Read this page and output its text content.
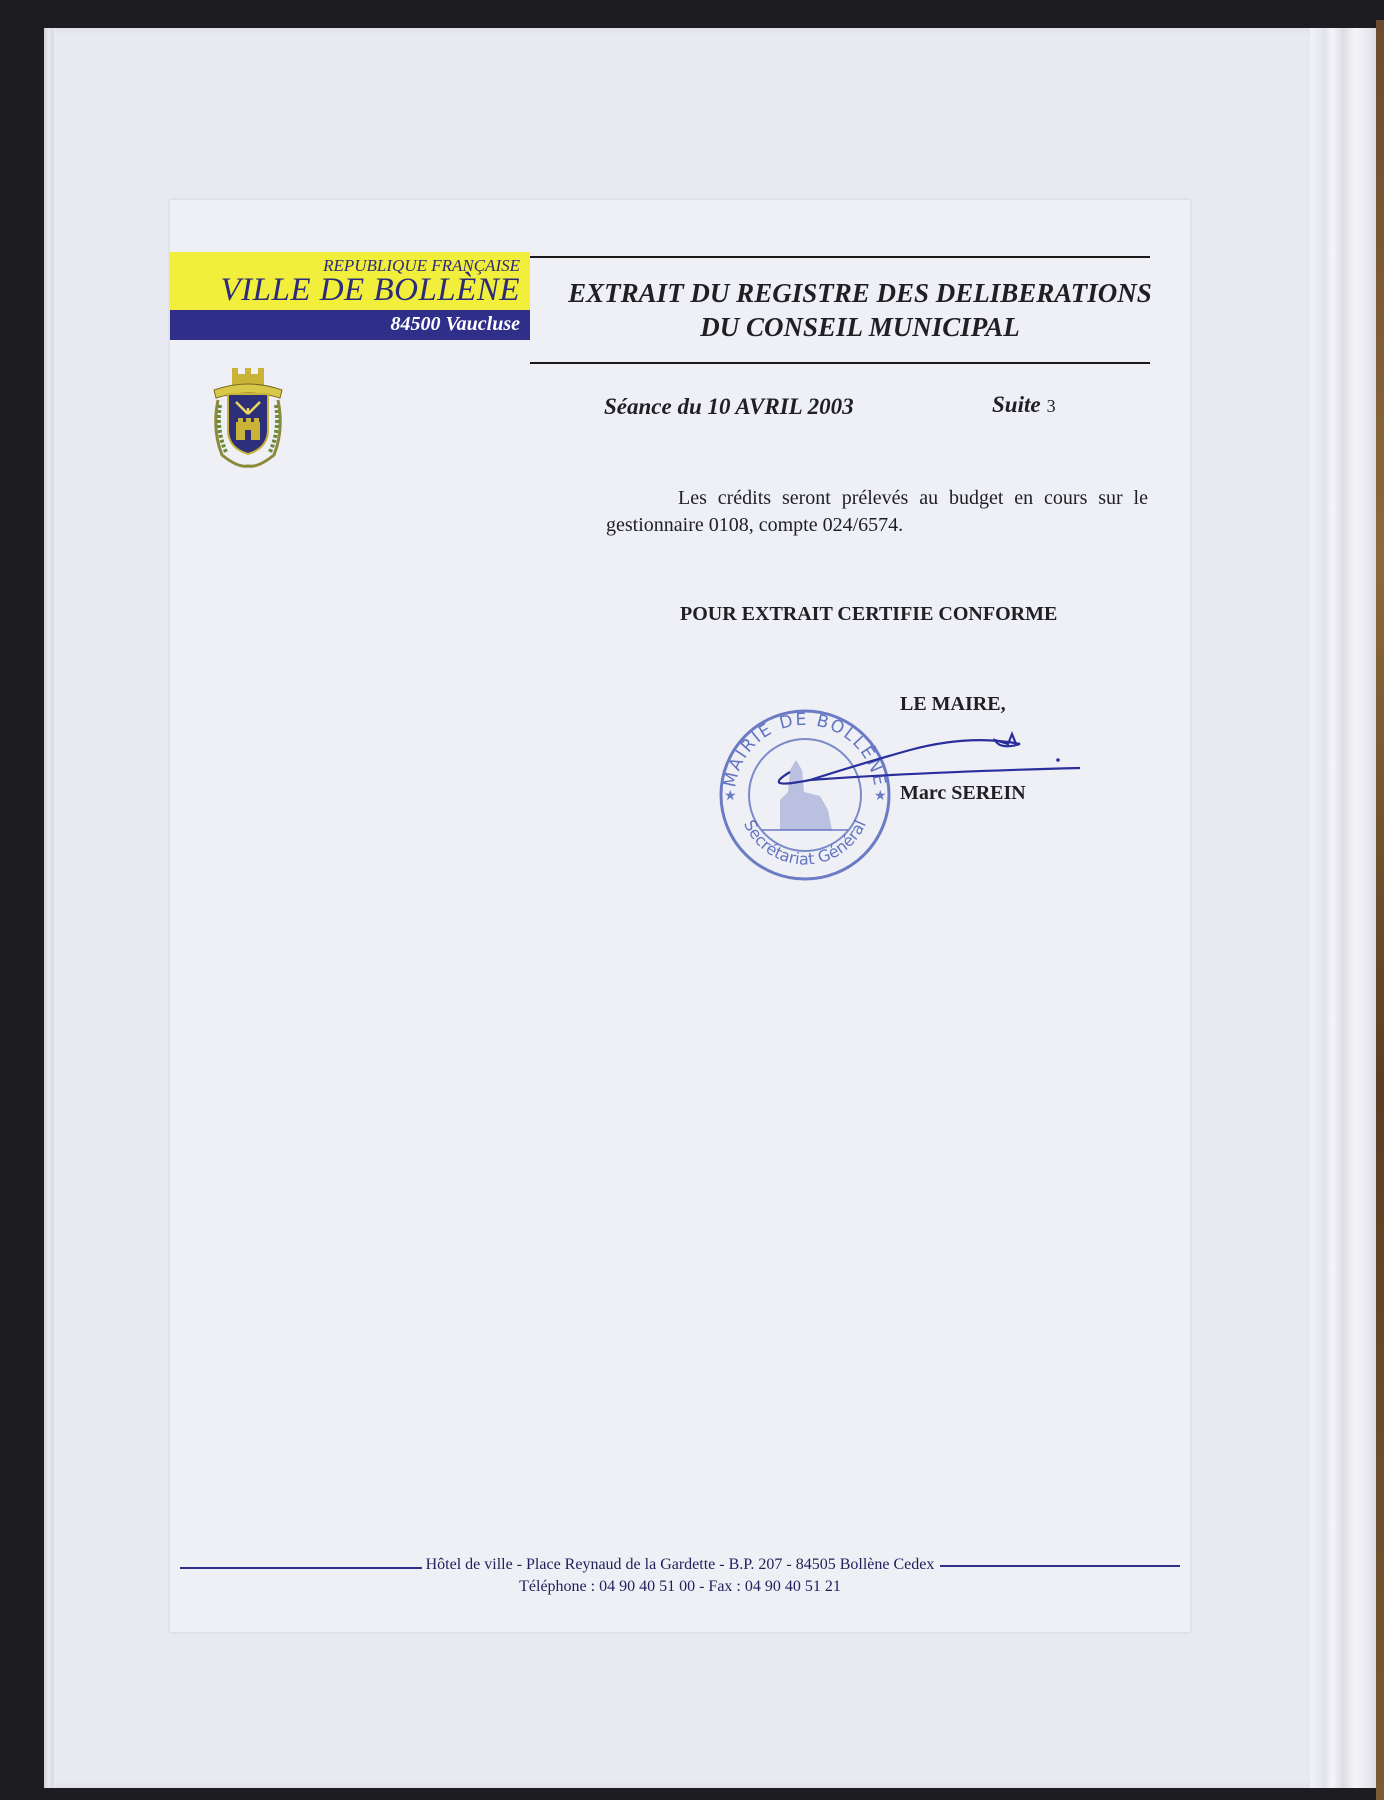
REPUBLIQUE FRANÇAISE
VILLE DE BOLLÈNE
84500 Vaucluse
EXTRAIT DU REGISTRE DES DELIBERATIONS
DU CONSEIL MUNICIPAL
Séance du 10 AVRIL 2003	Suite 3

Les crédits seront prélevés au budget en cours sur le gestionnaire 0108, compte 024/6574.

POUR EXTRAIT CERTIFIE CONFORME
LE MAIRE,
MAIRIE DE BOLLÈNE
Secrétariat Général
★	★ Marc SEREIN
Hôtel de ville - Place Reynaud de la Gardette - B.P. 207 - 84505 Bollène Cedex
Téléphone : 04 90 40 51 00 - Fax : 04 90 40 51 21
